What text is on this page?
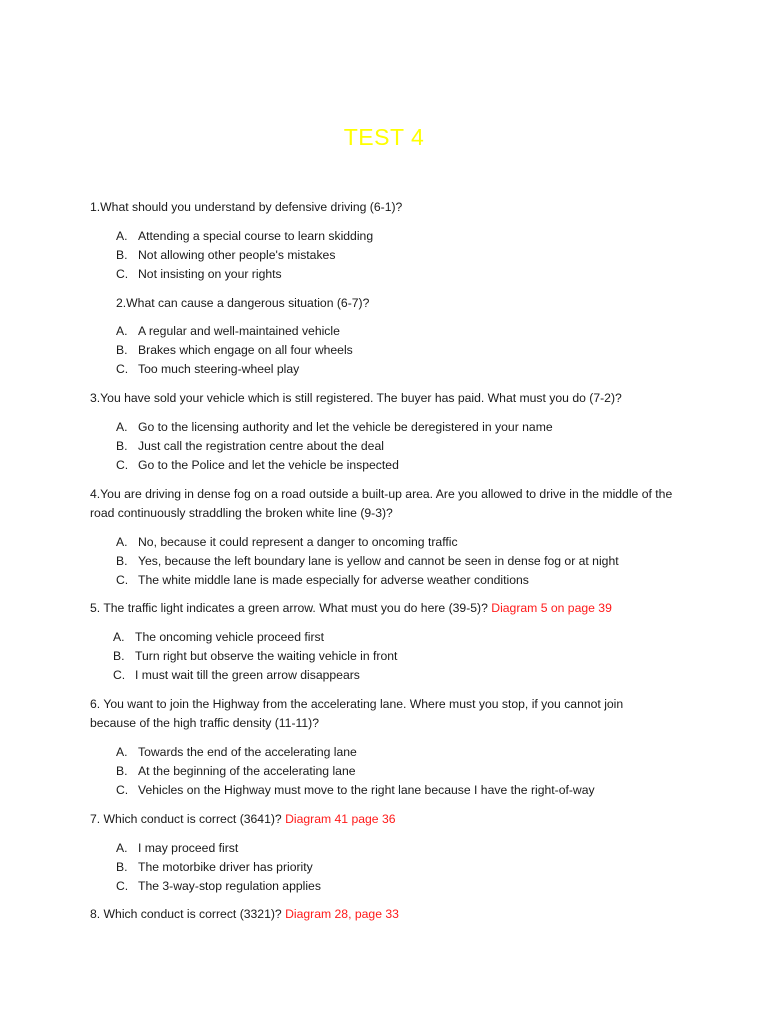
TEST 4
1.What should you understand by defensive driving (6-1)?
A. Attending a special course to learn skidding
B. Not allowing other people's mistakes
C. Not insisting on your rights
2.What can cause a dangerous situation (6-7)?
A. A regular and well-maintained vehicle
B. Brakes which engage on all four wheels
C. Too much steering-wheel play
3.You have sold your vehicle which is still registered. The buyer has paid. What must you do (7-2)?
A. Go to the licensing authority and let the vehicle be deregistered in your name
B. Just call the registration centre about the deal
C. Go to the Police and let the vehicle be inspected
4.You are driving in dense fog on a road outside a built-up area. Are you allowed to drive in the middle of the road continuously straddling the broken white line (9-3)?
A. No, because it could represent a danger to oncoming traffic
B. Yes, because the left boundary lane is yellow and cannot be seen in dense fog or at night
C. The white middle lane is made especially for adverse weather conditions
5. The traffic light indicates a green arrow. What must you do here (39-5)? Diagram 5 on page 39
A. The oncoming vehicle proceed first
B. Turn right but observe the waiting vehicle in front
C. I must wait till the green arrow disappears
6. You want to join the Highway from the accelerating lane. Where must you stop, if you cannot join because of the high traffic density (11-11)?
A. Towards the end of the accelerating lane
B. At the beginning of the accelerating lane
C. Vehicles on the Highway must move to the right lane because I have the right-of-way
7. Which conduct is correct (3641)? Diagram 41 page 36
A. I may proceed first
B. The motorbike driver has priority
C. The 3-way-stop regulation applies
8. Which conduct is correct (3321)? Diagram 28, page 33
